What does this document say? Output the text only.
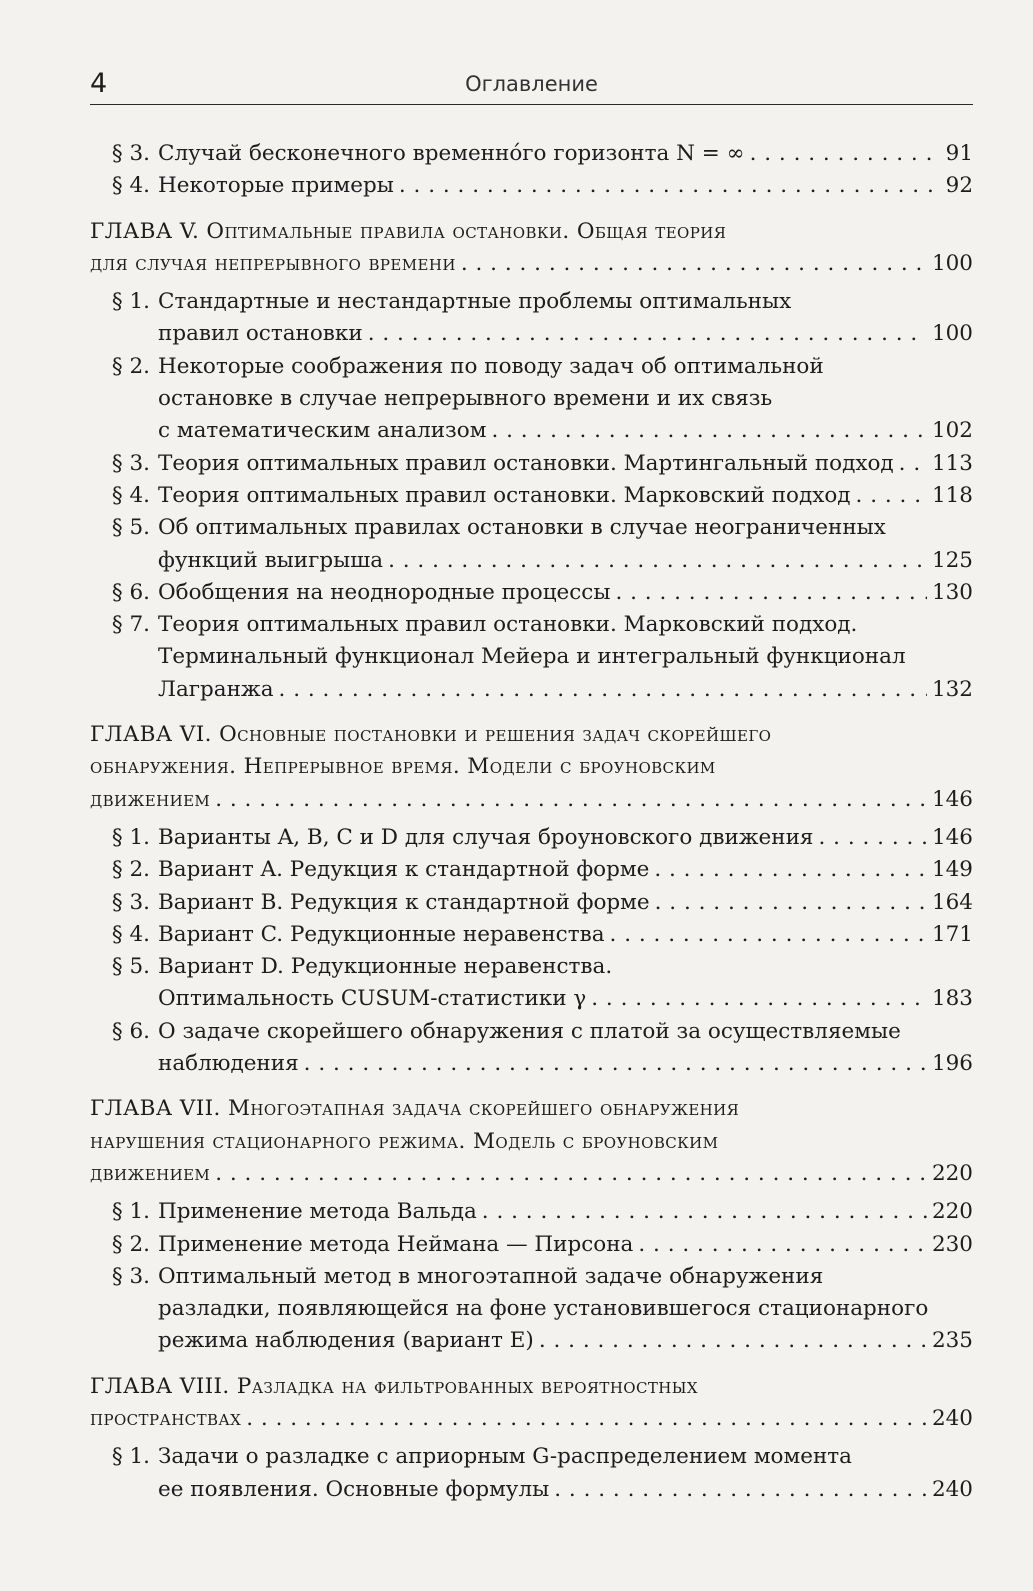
4	Оглавление
§ 3. Случай бесконечного временнóго горизонта N = ∞ . . .	91
§ 4. Некоторые примеры . . .	92
ГЛАВА V. Оптимальные правила остановки. Общая теория
для случая непрерывного времени . . .	100
§ 1. Стандартные и нестандартные проблемы оптимальных
правил остановки . . .	100
§ 2. Некоторые соображения по поводу задач об оптимальной
остановке в случае непрерывного времени и их связь
с математическим анализом . . .	102
§ 3. Теория оптимальных правил остановки. Мартингальный подход . . . 113
§ 4. Теория оптимальных правил остановки. Марковский подход . . .	118
§ 5. Об оптимальных правилах остановки в случае неограниченных
функций выигрыша . . .	125
§ 6. Обобщения на неоднородные процессы . . .	130
§ 7. Теория оптимальных правил остановки. Марковский подход.
Терминальный функционал Мейера и интегральный функционал
Лагранжа . . .	132
ГЛАВА VI. Основные постановки и решения задач скорейшего
обнаружения. Непрерывное время. Модели с броуновским
движением . . .	146
§ 1. Варианты A, B, C и D для случая броуновского движения . . .	146
§ 2. Вариант A. Редукция к стандартной форме . . .	149
§ 3. Вариант B. Редукция к стандартной форме . . .	164
§ 4. Вариант C. Редукционные неравенства . . .	171
§ 5. Вариант D. Редукционные неравенства.
Оптимальность CUSUM-статистики γ . . .	183
§ 6. О задаче скорейшего обнаружения с платой за осуществляемые
наблюдения . . .	196
ГЛАВА VII. Многоэтапная задача скорейшего обнаружения
нарушения стационарного режима. Модель с броуновским
движением . . .	220
§ 1. Применение метода Вальда . . .	220
§ 2. Применение метода Неймана — Пирсона . . .	230
§ 3. Оптимальный метод в многоэтапной задаче обнаружения
разладки, появляющейся на фоне установившегося стационарного
режима наблюдения (вариант E) . . .	235
ГЛАВА VIII. Разладка на фильтрованных вероятностных
пространствах . . .	240
§ 1. Задачи о разладке с априорным G-распределением момента
ее появления. Основные формулы . . .	240
